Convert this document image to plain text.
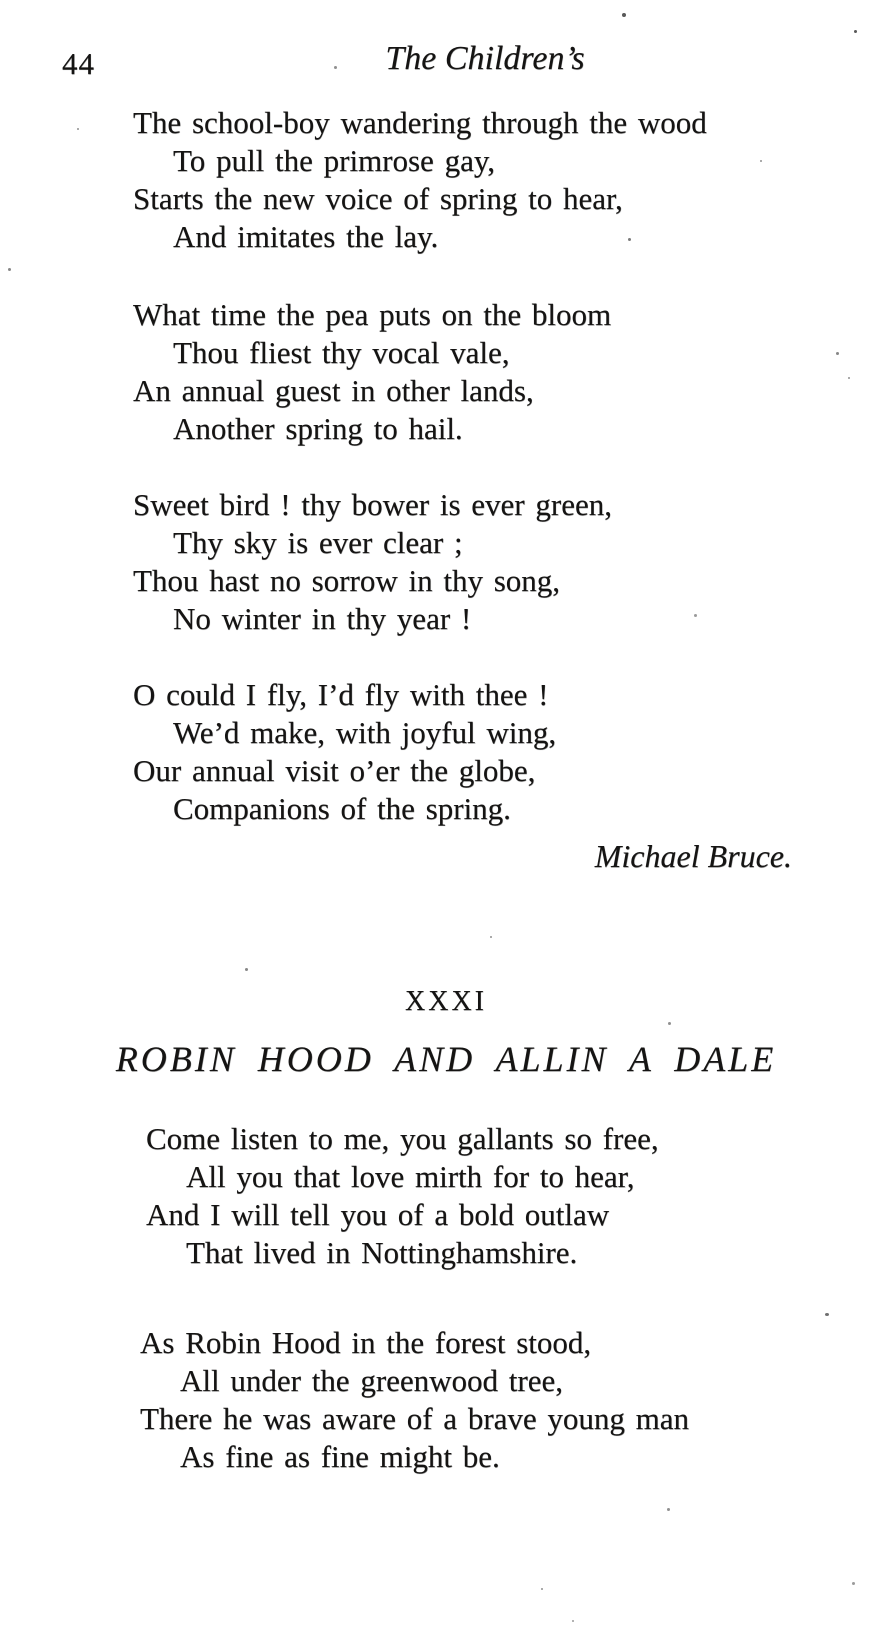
44	The Children’s
The school-boy wandering through the wood
To pull the primrose gay,
Starts the new voice of spring to hear,
And imitates the lay.
What time the pea puts on the bloom
Thou fliest thy vocal vale,
An annual guest in other lands,
Another spring to hail.
Sweet bird ! thy bower is ever green,
Thy sky is ever clear ;
Thou hast no sorrow in thy song,
No winter in thy year !
O could I fly, I’d fly with thee !
We’d make, with joyful wing,
Our annual visit o’er the globe,
Companions of the spring.
Michael Bruce.
XXXI
ROBIN HOOD AND ALLIN A DALE
Come listen to me, you gallants so free,
All you that love mirth for to hear,
And I will tell you of a bold outlaw
That lived in Nottinghamshire.
As Robin Hood in the forest stood,
All under the greenwood tree,
There he was aware of a brave young man
As fine as fine might be.
